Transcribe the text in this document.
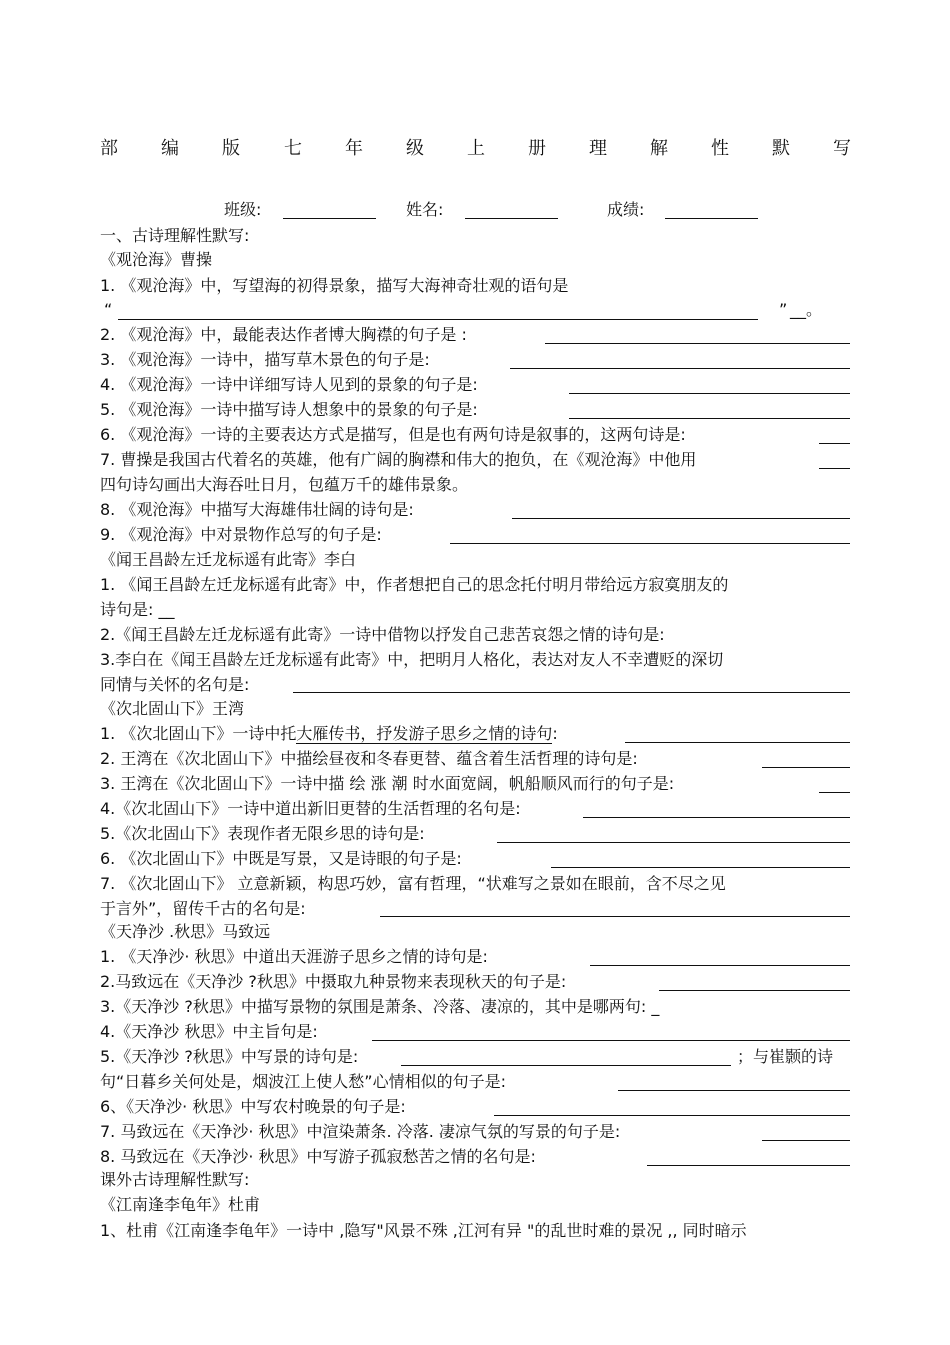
部 编 版 七 年 级 上 册 理 解 性 默 写
班级:	姓名:	成绩:
一、古诗理解性默写:
《观沧海》曹操
1. 《观沧海》中，写望海的初得景象，描写大海神奇壮观的语句是
“	” __。
2. 《观沧海》中，最能表达作者博大胸襟的句子是 :
3. 《观沧海》一诗中，描写草木景色的句子是:
4. 《观沧海》一诗中详细写诗人见到的景象的句子是:
5. 《观沧海》一诗中描写诗人想象中的景象的句子是:
6. 《观沧海》一诗的主要表达方式是描写，但是也有两句诗是叙事的，这两句诗是:
7. 曹操是我国古代着名的英雄，他有广阔的胸襟和伟大的抱负，在《观沧海》中他用
四句诗勾画出大海吞吐日月，包蕴万千的雄伟景象。
8. 《观沧海》中描写大海雄伟壮阔的诗句是:
9. 《观沧海》中对景物作总写的句子是:
《闻王昌龄左迁龙标遥有此寄》李白
1. 《闻王昌龄左迁龙标遥有此寄》中，作者想把自己的思念托付明月带给远方寂寞朋友的
诗句是: __
2.《闻王昌龄左迁龙标遥有此寄》一诗中借物以抒发自己悲苦哀怨之情的诗句是:
3.李白在《闻王昌龄左迁龙标遥有此寄》中，把明月人格化，表达对友人不幸遭贬的深切
同情与关怀的名句是:
《次北固山下》王湾
1. 《次北固山下》一诗中托大雁传书，抒发游子思乡之情的诗句:
2. 王湾在《次北固山下》中描绘昼夜和冬春更替、蕴含着生活哲理的诗句是:
3. 王湾在《次北固山下》一诗中描 绘 涨 潮 时水面宽阔，帆船顺风而行的句子是:
4.《次北固山下》一诗中道出新旧更替的生活哲理的名句是:
5.《次北固山下》表现作者无限乡思的诗句是:
6. 《次北固山下》中既是写景，又是诗眼的句子是:
7. 《次北固山下》 立意新颖，构思巧妙，富有哲理，“状难写之景如在眼前，含不尽之见
于言外”，留传千古的名句是:
《天净沙 .秋思》马致远
1. 《天净沙· 秋思》中道出天涯游子思乡之情的诗句是:
2.马致远在《天净沙 ?秋思》中摄取九种景物来表现秋天的句子是:
3.《天净沙 ?秋思》中描写景物的氛围是萧条、冷落、凄凉的，其中是哪两句: _
4.《天净沙 秋思》中主旨句是:
5.《天净沙 ?秋思》中写景的诗句是:	；与崔颢的诗
句“日暮乡关何处是，烟波江上使人愁”心情相似的句子是:
6、《天净沙· 秋思》中写农村晚景的句子是:
7. 马致远在《天净沙· 秋思》中渲染萧条. 冷落. 凄凉气氛的写景的句子是:
8. 马致远在《天净沙· 秋思》中写游子孤寂愁苦之情的名句是:
课外古诗理解性默写:
《江南逢李龟年》杜甫
1、杜甫《江南逢李龟年》一诗中 ,隐写"风景不殊 ,江河有异 "的乱世时难的景况 ,, 同时暗示
